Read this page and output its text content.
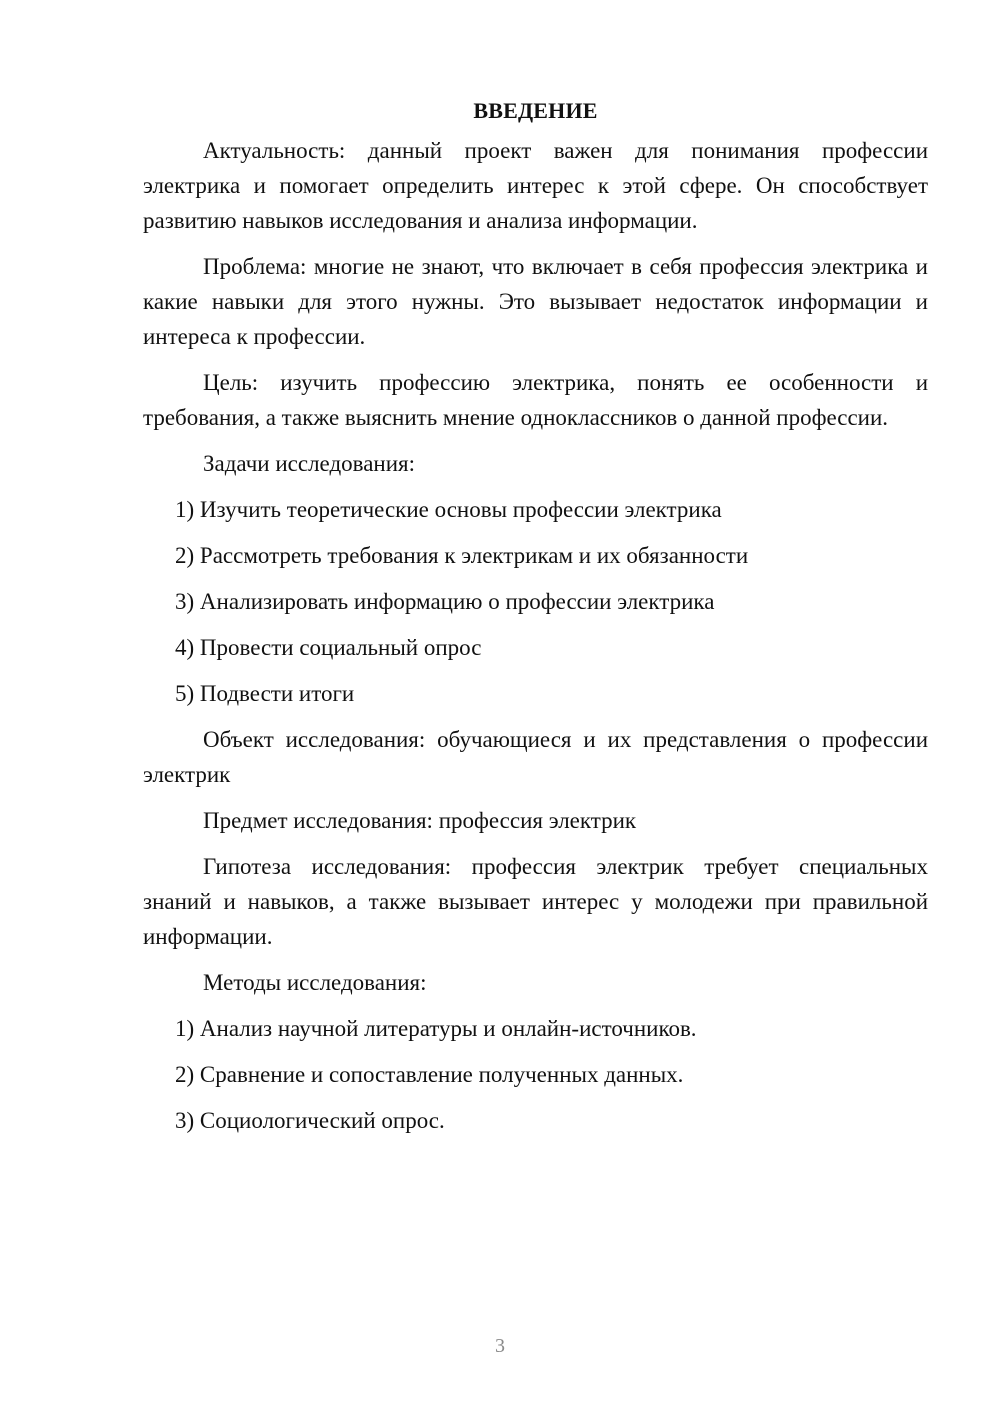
ВВЕДЕНИЕ

Актуальность: данный проект важен для понимания профессии электрика и помогает определить интерес к этой сфере. Он способствует развитию навыков исследования и анализа информации.

Проблема: многие не знают, что включает в себя профессия электрика и какие навыки для этого нужны. Это вызывает недостаток информации и интереса к профессии.

Цель: изучить профессию электрика, понять ее особенности и требования, а также выяснить мнение одноклассников о данной профессии.

Задачи исследования:

1) Изучить теоретические основы профессии электрика
2) Рассмотреть требования к электрикам и их обязанности
3) Анализировать информацию о профессии электрика
4) Провести социальный опрос
5) Подвести итоги

Объект исследования: обучающиеся и их представления о профессии электрик

Предмет исследования: профессия электрик

Гипотеза исследования: профессия электрик требует специальных знаний и навыков, а также вызывает интерес у молодежи при правильной информации.

Методы исследования:

1) Анализ научной литературы и онлайн-источников.
2) Сравнение и сопоставление полученных данных.
3) Социологический опрос.
3
